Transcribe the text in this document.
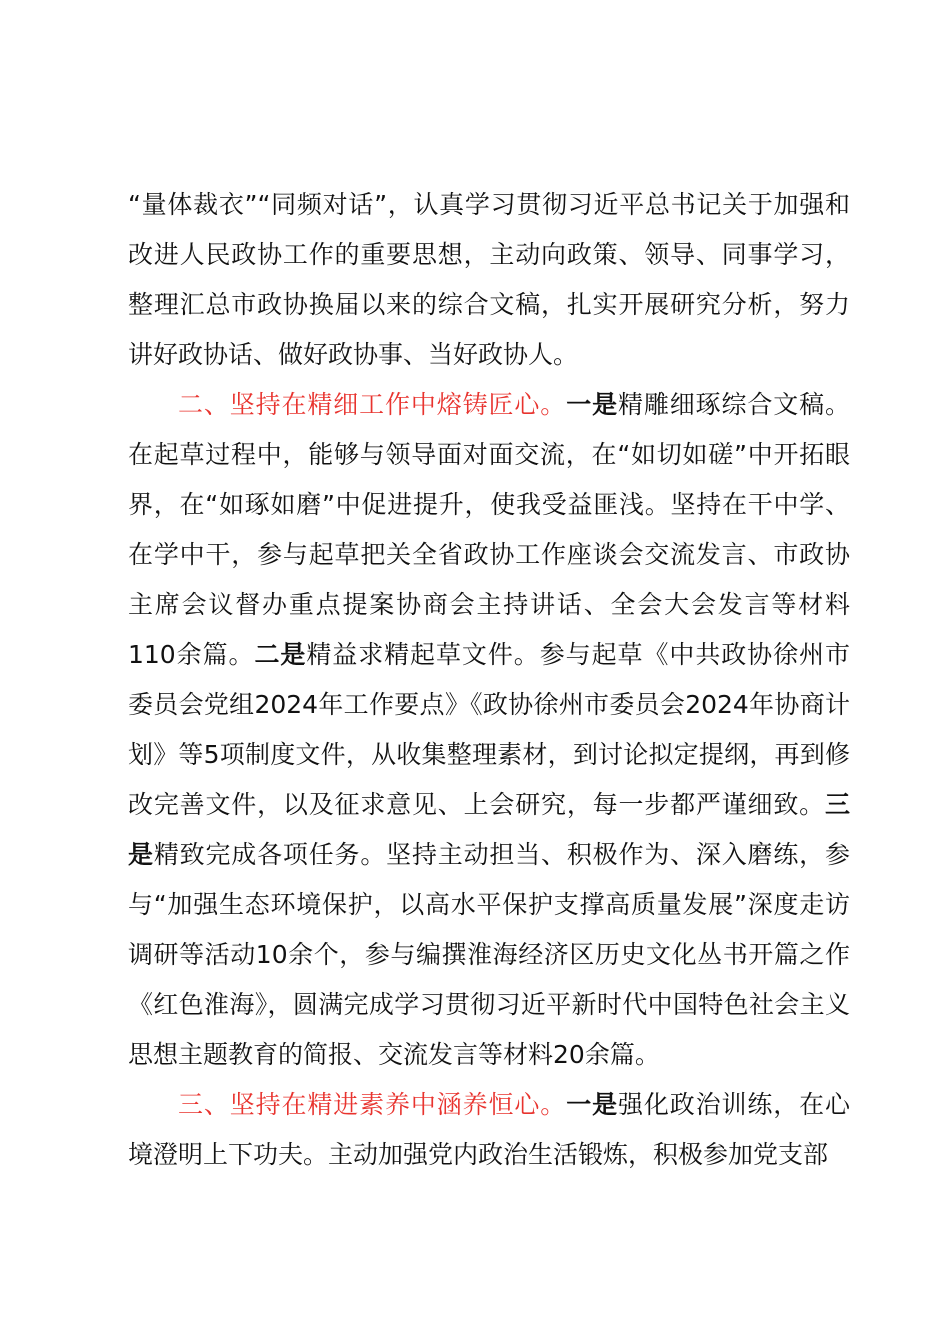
“量体裁衣”“同频对话”，认真学习贯彻习近平总书记关于加强和改进人民政协工作的重要思想，主动向政策、领导、同事学习，整理汇总市政协换届以来的综合文稿，扎实开展研究分析，努力讲好政协话、做好政协事、当好政协人。

二、坚持在精细工作中熔铸匠心。一是精雕细琢综合文稿。在起草过程中，能够与领导面对面交流，在“如切如磋”中开拓眼界，在“如琢如磨”中促进提升，使我受益匪浅。坚持在干中学、在学中干，参与起草把关全省政协工作座谈会交流发言、市政协主席会议督办重点提案协商会主持讲话、全会大会发言等材料110余篇。二是精益求精起草文件。参与起草《中共政协徐州市委员会党组2024年工作要点》《政协徐州市委员会2024年协商计划》等5项制度文件，从收集整理素材，到讨论拟定提纲，再到修改完善文件，以及征求意见、上会研究，每一步都严谨细致。三是精致完成各项任务。坚持主动担当、积极作为、深入磨练，参与“加强生态环境保护，以高水平保护支撑高质量发展”深度走访调研等活动10余个，参与编撰淮海经济区历史文化丛书开篇之作《红色淮海》，圆满完成学习贯彻习近平新时代中国特色社会主义思想主题教育的简报、交流发言等材料20余篇。

三、坚持在精进素养中涵养恒心。一是强化政治训练，在心境澄明上下功夫。主动加强党内政治生活锻炼，积极参加党支部
